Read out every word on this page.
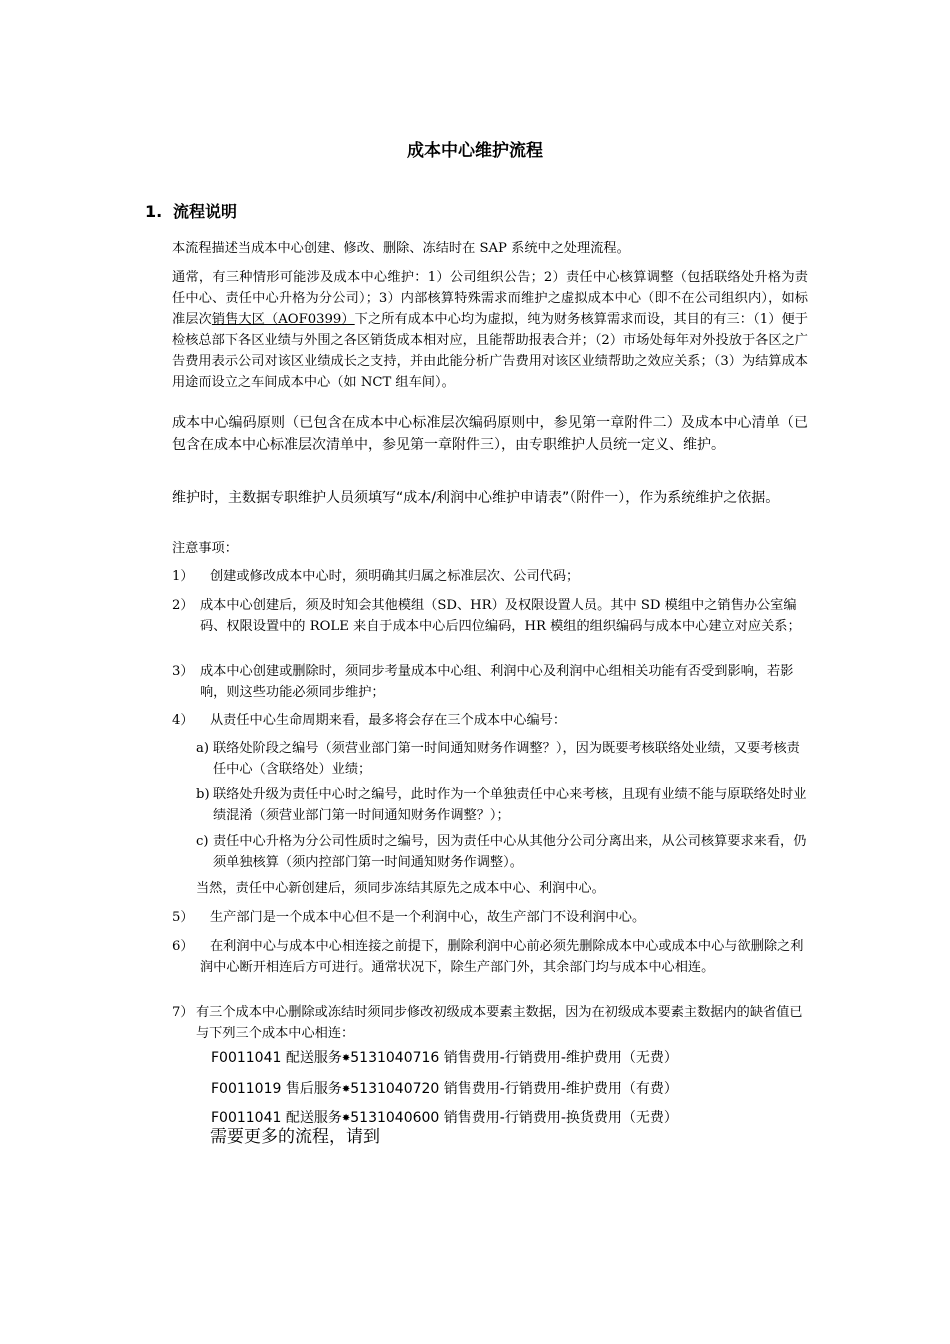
成本中心维护流程
1. 流程说明
本流程描述当成本中心创建、修改、删除、冻结时在 SAP 系统中之处理流程。
通常，有三种情形可能涉及成本中心维护：1）公司组织公告；2）责任中心核算调整（包括联络处升格为责任中心、责任中心升格为分公司）；3）内部核算特殊需求而维护之虚拟成本中心（即不在公司组织内），如标准层次销售大区（AOF0399）下之所有成本中心均为虚拟，纯为财务核算需求而设，其目的有三：（1）便于检核总部下各区业绩与外围之各区销货成本相对应，且能帮助报表合并；（2）市场处每年对外投放于各区之广告费用表示公司对该区业绩成长之支持，并由此能分析广告费用对该区业绩帮助之效应关系；（3）为结算成本用途而设立之车间成本中心（如 NCT 组车间）。
成本中心编码原则（已包含在成本中心标准层次编码原则中，参见第一章附件二）及成本中心清单（已包含在成本中心标准层次清单中，参见第一章附件三），由专职维护人员统一定义、维护。
维护时，主数据专职维护人员须填写“成本/利润中心维护申请表”（附件一），作为系统维护之依据。
注意事项：
1）	创建或修改成本中心时，须明确其归属之标准层次、公司代码；
2） 成本中心创建后，须及时知会其他模组（SD、HR）及权限设置人员。其中 SD 模组中之销售办公室编码、权限设置中的 ROLE 来自于成本中心后四位编码，HR 模组的组织编码与成本中心建立对应关系；
3） 成本中心创建或删除时，须同步考量成本中心组、利润中心及利润中心组相关功能有否受到影响，若影响，则这些功能必须同步维护；
4）	从责任中心生命周期来看，最多将会存在三个成本中心编号：
a) 联络处阶段之编号（须营业部门第一时间通知财务作调整？），因为既要考核联络处业绩，又要考核责任中心（含联络处）业绩；
b) 联络处升级为责任中心时之编号，此时作为一个单独责任中心来考核，且现有业绩不能与原联络处时业绩混淆（须营业部门第一时间通知财务作调整？）；
c) 责任中心升格为分公司性质时之编号，因为责任中心从其他分公司分离出来，从公司核算要求来看，仍须单独核算（须内控部门第一时间通知财务作调整）。
当然，责任中心新创建后，须同步冻结其原先之成本中心、利润中心。
5）	生产部门是一个成本中心但不是一个利润中心，故生产部门不设利润中心。
6）	在利润中心与成本中心相连接之前提下，删除利润中心前必须先删除成本中心或成本中心与欲删除之利润中心断开相连后方可进行。通常状况下，除生产部门外，其余部门均与成本中心相连。
7） 有三个成本中心删除或冻结时须同步修改初级成本要素主数据，因为在初级成本要素主数据内的缺省值已与下列三个成本中心相连：
F0011041 配送服务✸5131040716 销售费用-行销费用-维护费用（无费）
F0011019 售后服务✸5131040720 销售费用-行销费用-维护费用（有费）
F0011041 配送服务✸5131040600 销售费用-行销费用-换货费用（无费）
需要更多的流程，请到
